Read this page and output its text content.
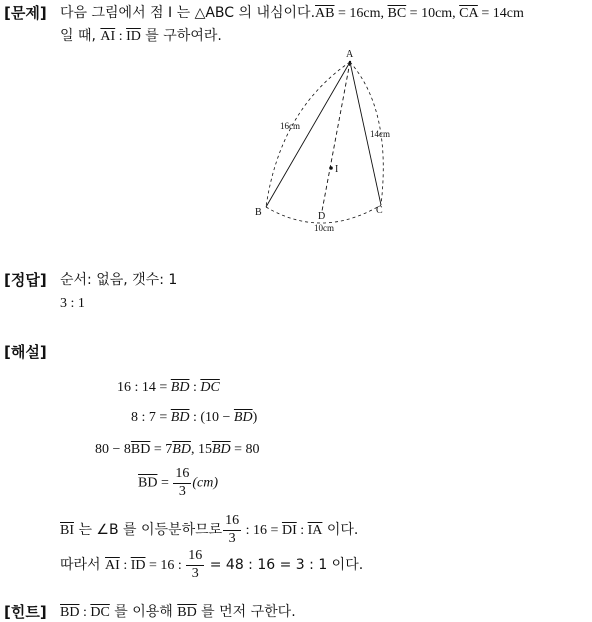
[문제] 다음 그림에서 점 I 는 △ABC 의 내심이다$.\overline{AB} = 16cm$, $\overline{BC} = 10cm$, $\overline{CA} = 14cm$
일 때, $\overline{AI}$ : $\overline{ID}$ 를 구하여라.
A
B	C
D
I
16cm
14cm
10cm
[정답] 순서: 없음, 갯수: 1
3 : 1
[해설]
16 : $14 = \overline{BD}$ : $\overline{DC}$
8 : $7 = \overline{BD}$ : $(10 - \overline{BD})$
$80 - 8\overline{BD} = 7\overline{BD}$, $15\overline{BD} = 80$
$\overline{BD} = \frac{16}{3} (cm)$
$\overline{BI}$ 는 ∠B 를 이등분하므로 $\frac{16}{3}$ : $16 = \overline{DI}$ : $\overline{IA}$ 이다.
따라서 $\overline{AI}$ : $\overline{ID} = 16$ : $\frac{16}{3} = 48$ : 16 = 3 : 1 이다.
[힌트] $\overline{BD}$ : $\overline{DC}$ 를 이용해 $\overline{BD}$ 를 먼저 구한다.
